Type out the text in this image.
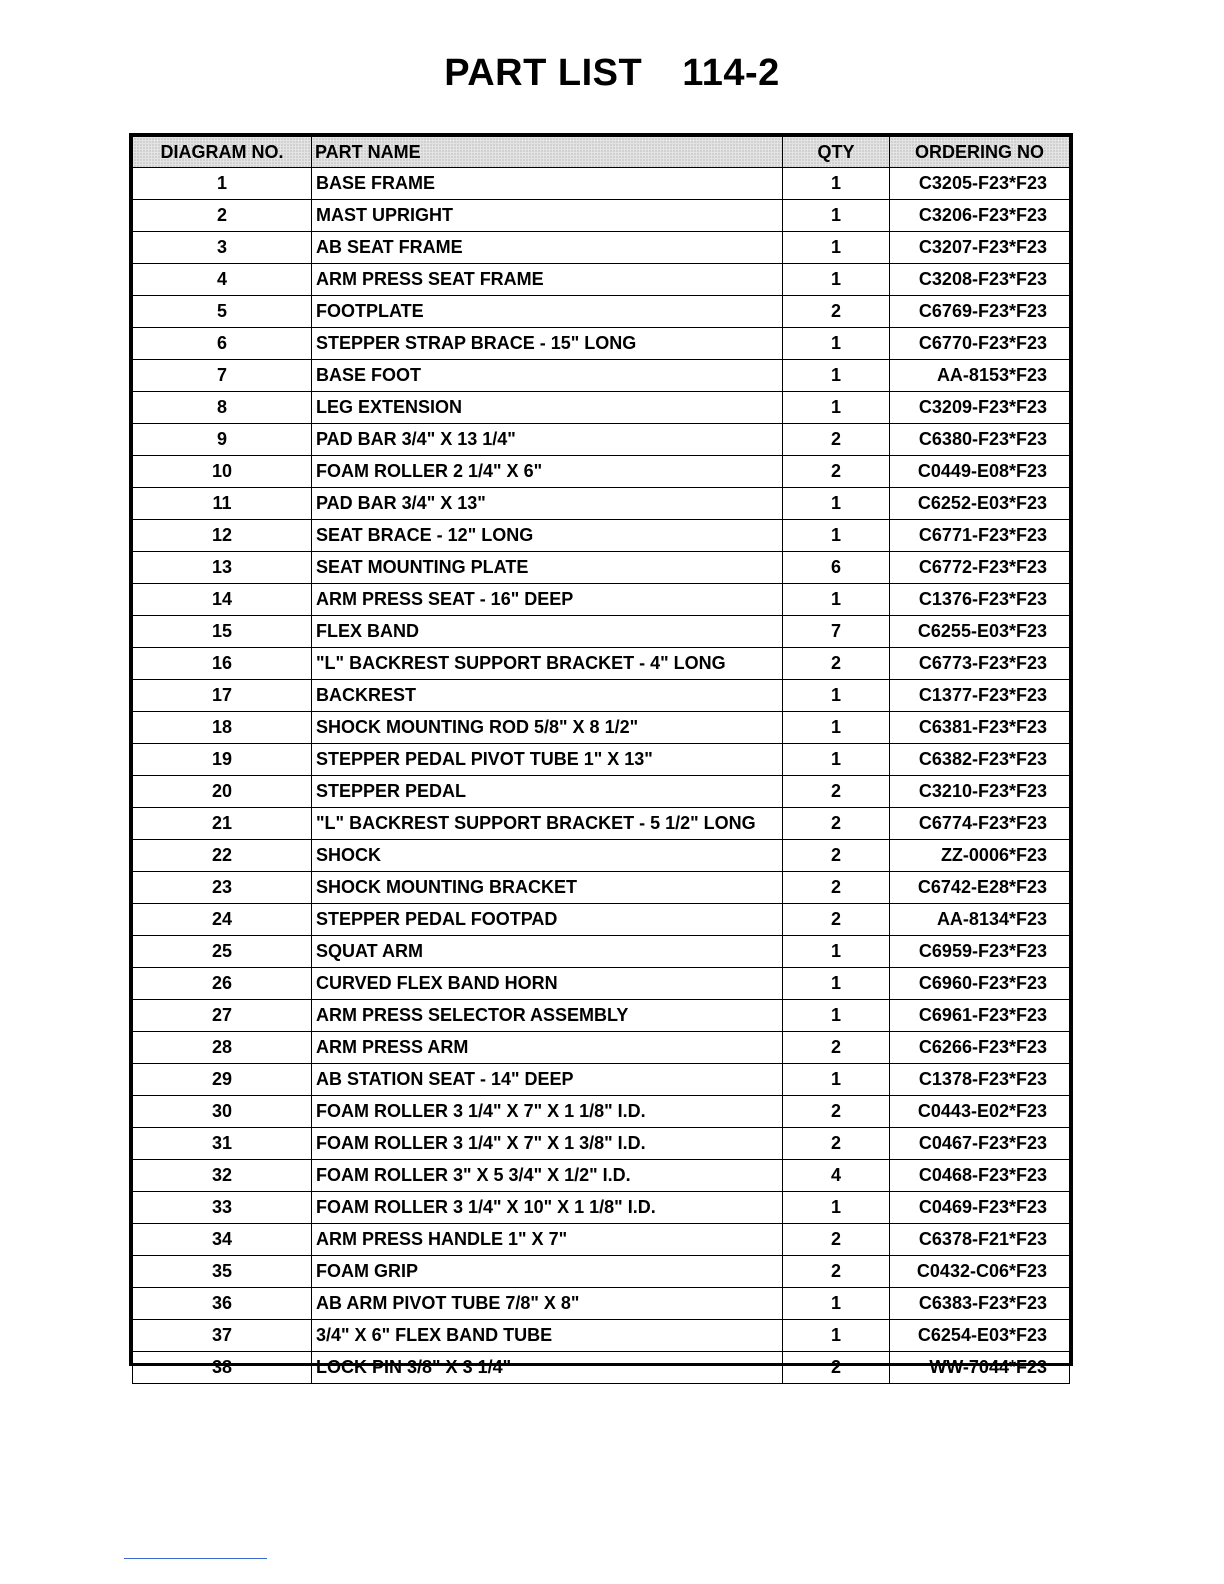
PART LIST 114-2
DIAGRAM NO.	PART NAME	QTY	ORDERING NO
1	BASE FRAME	1	C3205-F23*F23
2	MAST UPRIGHT	1	C3206-F23*F23
3	AB SEAT FRAME	1	C3207-F23*F23
4	ARM PRESS SEAT FRAME	1	C3208-F23*F23
5	FOOTPLATE	2	C6769-F23*F23
6	STEPPER STRAP BRACE - 15" LONG	1	C6770-F23*F23
7	BASE FOOT	1	AA-8153*F23
8	LEG EXTENSION	1	C3209-F23*F23
9	PAD BAR 3/4" X 13 1/4"	2	C6380-F23*F23
10	FOAM ROLLER 2 1/4" X 6"	2	C0449-E08*F23
11	PAD BAR 3/4" X 13"	1	C6252-E03*F23
12	SEAT BRACE - 12" LONG	1	C6771-F23*F23
13	SEAT MOUNTING PLATE	6	C6772-F23*F23
14	ARM PRESS SEAT - 16" DEEP	1	C1376-F23*F23
15	FLEX BAND	7	C6255-E03*F23
16	"L" BACKREST SUPPORT BRACKET - 4" LONG	2	C6773-F23*F23
17	BACKREST	1	C1377-F23*F23
18	SHOCK MOUNTING ROD 5/8" X 8 1/2"	1	C6381-F23*F23
19	STEPPER PEDAL PIVOT TUBE 1" X 13"	1	C6382-F23*F23
20	STEPPER PEDAL	2	C3210-F23*F23
21	"L" BACKREST SUPPORT BRACKET - 5 1/2" LONG	2	C6774-F23*F23
22	SHOCK	2	ZZ-0006*F23
23	SHOCK MOUNTING BRACKET	2	C6742-E28*F23
24	STEPPER PEDAL FOOTPAD	2	AA-8134*F23
25	SQUAT ARM	1	C6959-F23*F23
26	CURVED FLEX BAND HORN	1	C6960-F23*F23
27	ARM PRESS SELECTOR ASSEMBLY	1	C6961-F23*F23
28	ARM PRESS ARM	2	C6266-F23*F23
29	AB STATION SEAT - 14" DEEP	1	C1378-F23*F23
30	FOAM ROLLER 3 1/4" X 7" X 1 1/8" I.D.	2	C0443-E02*F23
31	FOAM ROLLER 3 1/4" X 7" X 1 3/8" I.D.	2	C0467-F23*F23
32	FOAM ROLLER 3" X 5 3/4" X 1/2" I.D.	4	C0468-F23*F23
33	FOAM ROLLER 3 1/4" X 10" X 1 1/8" I.D.	1	C0469-F23*F23
34	ARM PRESS HANDLE 1" X 7"	2	C6378-F21*F23
35	FOAM GRIP	2	C0432-C06*F23
36	AB ARM PIVOT TUBE 7/8" X 8"	1	C6383-F23*F23
37	3/4" X 6" FLEX BAND TUBE	1	C6254-E03*F23
38	LOCK PIN 3/8" X 3 1/4"	2	WW-7044*F23
